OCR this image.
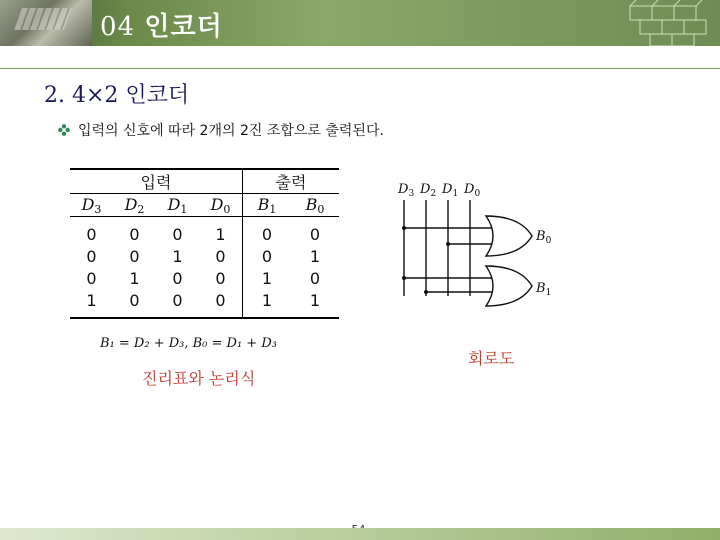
04 인코더
2. 4×2 인코더
입력의 신호에 따라 2개의 2진 조합으로 출력된다.
입력				출력	
D3	D2	D1	D0	B1	B0
0	0	0	1	0	0
0	0	1	0	0	1
0	1	0	0	1	0
1	0	0	0	1	1
B₁ = D₂ + D₃, B₀ = D₁ + D₃
진리표와 논리식
회로도
$D_3$ $D_2$ $D_1$ $D_0$
$B_0$
$B_1$
